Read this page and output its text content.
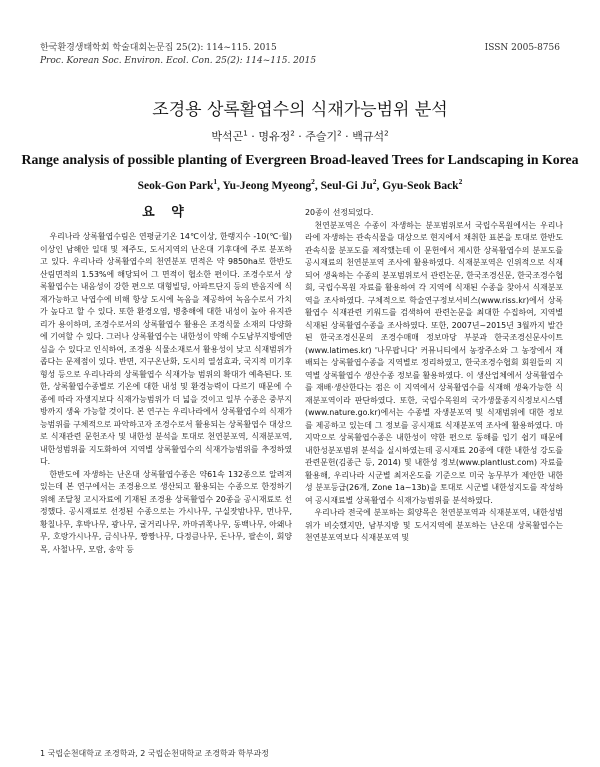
한국환경생태학회 학술대회논문집 25(2): 114~115. 2015	ISSN 2005-8756
Proc. Korean Soc. Environ. Ecol. Con. 25(2): 114~115. 2015
조경용 상록활엽수의 식재가능범위 분석
박석곤$^1$ · 명유정$^2$ · 주슬기$^2$ · 백규석$^2$
Range analysis of possible planting of Evergreen Broad-leaved Trees for Landscaping in Korea
Seok-Gon Park$^1$, Yu-Jeong Myeong$^2$, Seul-Gi Ju$^2$, Gyu-Seok Back$^2$
요 약

우리나라 상록활엽수림은 연평균기온 14℃이상, 한랭지수 -10(℃·월) 이상인 남해안 일대 및 제주도, 도서지역의 난온대 기후대에 주로 분포하고 있다. 우리나라 상록활엽수의 천연분포 면적은 약 9850ha로 한반도 산림면적의 1.53%에 해당되어 그 면적이 협소한 편이다. 조경수로서 상록활엽수는 내음성이 강한 편으로 대형빌딩, 아파트단지 등의 반음지에 식재가능하고 낙엽수에 비해 항상 도시에 녹음을 제공하여 녹음수로서 가치가 높다고 할 수 있다. 또한 환경오염, 병충해에 대한 내성이 높아 유지관리가 용이하며, 조경수로서의 상록활엽수 활용은 조경식물 소재의 다양화에 기여할 수 있다. 그러나 상록활엽수는 내한성이 약해 수도남부지방에만 심을 수 있다고 인식하여, 조경용 식물소재로서 활용성이 낮고 식재범위가 좁다는 문제점이 있다. 반면, 지구온난화, 도시의 열섬효과, 국지적 미기후 형성 등으로 우리나라의 상록활엽수 식재가능 범위의 확대가 예측된다. 또한, 상록활엽수종별로 기온에 대한 내성 및 환경능력이 다르기 때문에 수종에 따라 자생지보다 식재가능범위가 더 넓을 것이고 일부 수종은 중부지방까지 생육 가능할 것이다. 본 연구는 우리나라에서 상록활엽수의 식재가능범위를 구체적으로 파악하고자 조경수로서 활용되는 상록활엽수 대상으로 식재관련 문헌조사 및 내한성 분석을 토대로 천연분포역, 식재분포역, 내한성범위를 지도화하여 지역별 상록활엽수의 식재가능범위를 추정하였다.

한반도에 자생하는 난온대 상록활엽수종은 약61속 132종으로 알려져 있는데 본 연구에서는 조경용으로 생산되고 활용되는 수종으로 한정하기 위해 조달청 고시자료에 기재된 조경용 상록활엽수 20종을 공시재료로 선정했다. 공시재료로 선정된 수종으로는 가시나무, 구실잣밤나무, 먼나무, 황칠나무, 후박나무, 광나무, 굴거리나무, 까마귀쪽나무, 동백나무, 아왜나무, 호랑가시나무, 금식나무, 짱짱나무, 다정큼나무, 돈나무, 팔손이, 회양목, 사철나무, 모람, 송악 등

20종이 선정되었다.

천연분포역은 수종이 자생하는 분포범위로서 국립수목원에서는 우리나라에 자생하는 관속식물을 대상으로 현지에서 채취한 표본을 토대로 한반도 관속식물 분포도를 제작했는데 이 문헌에서 제시한 상록활엽수의 분포도를 공시재료의 천연분포역 조사에 활용하였다. 식재분포역은 인위적으로 식재되어 생육하는 수종의 분포범위로서 관련논문, 한국조경신문, 한국조경수협회, 국립수목원 자료를 활용하여 각 지역에 식재된 수종을 찾아서 식재분포역을 조사하였다. 구체적으로 학술연구정보서비스(www.riss.kr)에서 상록활엽수 식재관련 키워드를 검색하여 관련논문을 최대한 수집하여, 지역별 식재된 상록활엽수종을 조사하였다. 또한, 2007년~2015년 3월까지 발간된 한국조경신문의 조경수매매 정보마당 부분과 한국조경신문사이트(www.latimes.kr) '나무팝니다' 커뮤니티에서 농장주소와 그 농장에서 재배되는 상록활엽수종을 지역별로 정리하였고, 한국조경수협회 회원들의 지역별 상록활엽수 생산수종 정보를 활용하였다. 이 생산업체에서 상록활엽수를 재배·생산한다는 점은 이 지역에서 상록활엽수를 식재해 생육가능한 식재분포역이라 판단하였다. 또한, 국립수목원의 국가생물종지식정보시스템(www.nature.go.kr)에서는 수종별 자생분포역 및 식재범위에 대한 정보를 제공하고 있는데 그 정보를 공시재료 식재분포역 조사에 활용하였다. 마지막으로 상록활엽수종은 내한성이 약한 편으로 동해를 입기 쉽기 때문에 내한성분포범위 분석을 실시하였는데 공시재료 20종에 대한 내한성 강도를 관련문헌(김종근 등, 2014) 및 내한성 정보(www.plantlust.com) 자료를 활용해, 우리나라 시군별 최저온도를 기준으로 미국 농무부가 제안한 내한성 분포등급(26개, Zone 1a~13b)을 토대로 시군별 내한성지도를 작성하여 공시재료별 상록활엽수 식재가능범위를 분석하였다.

우리나라 전국에 분포하는 회양목은 천연분포역과 식재분포역, 내한성범위가 비슷했지만, 남부지방 및 도서지역에 분포하는 난온대 상록활엽수는 천연분포역보다 식재분포역 및

1 국립순천대학교 조경학과, 2 국립순천대학교 조경학과 학부과정
